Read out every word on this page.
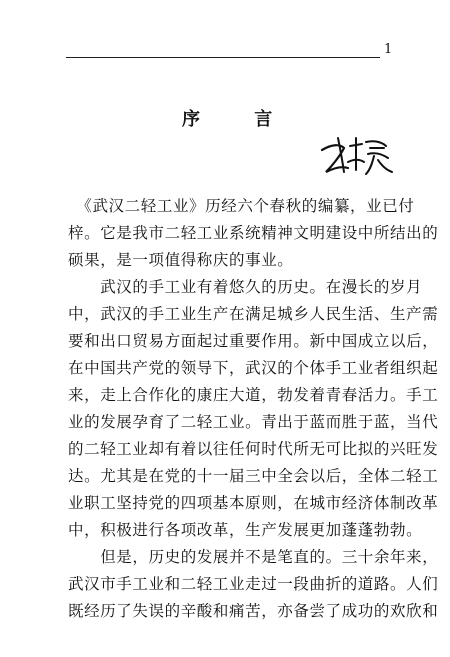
1
序 言
　《武汉二轻工业》历经六个春秋的编纂，业已付
梓。它是我市二轻工业系统精神文明建设中所结出的
硕果，是一项值得称庆的事业。
　　武汉的手工业有着悠久的历史。在漫长的岁月
中，武汉的手工业生产在满足城乡人民生活、生产需
要和出口贸易方面起过重要作用。新中国成立以后，
在中国共产党的领导下，武汉的个体手工业者组织起
来，走上合作化的康庄大道，勃发着青春活力。手工
业的发展孕育了二轻工业。青出于蓝而胜于蓝，当代
的二轻工业却有着以往任何时代所无可比拟的兴旺发
达。尤其是在党的十一届三中全会以后，全体二轻工
业职工坚持党的四项基本原则，在城市经济体制改革
中，积极进行各项改革，生产发展更加蓬蓬勃勃。
　　但是，历史的发展并不是笔直的。三十余年来，
武汉市手工业和二轻工业走过一段曲折的道路。人们
既经历了失误的辛酸和痛苦，亦备尝了成功的欢欣和
